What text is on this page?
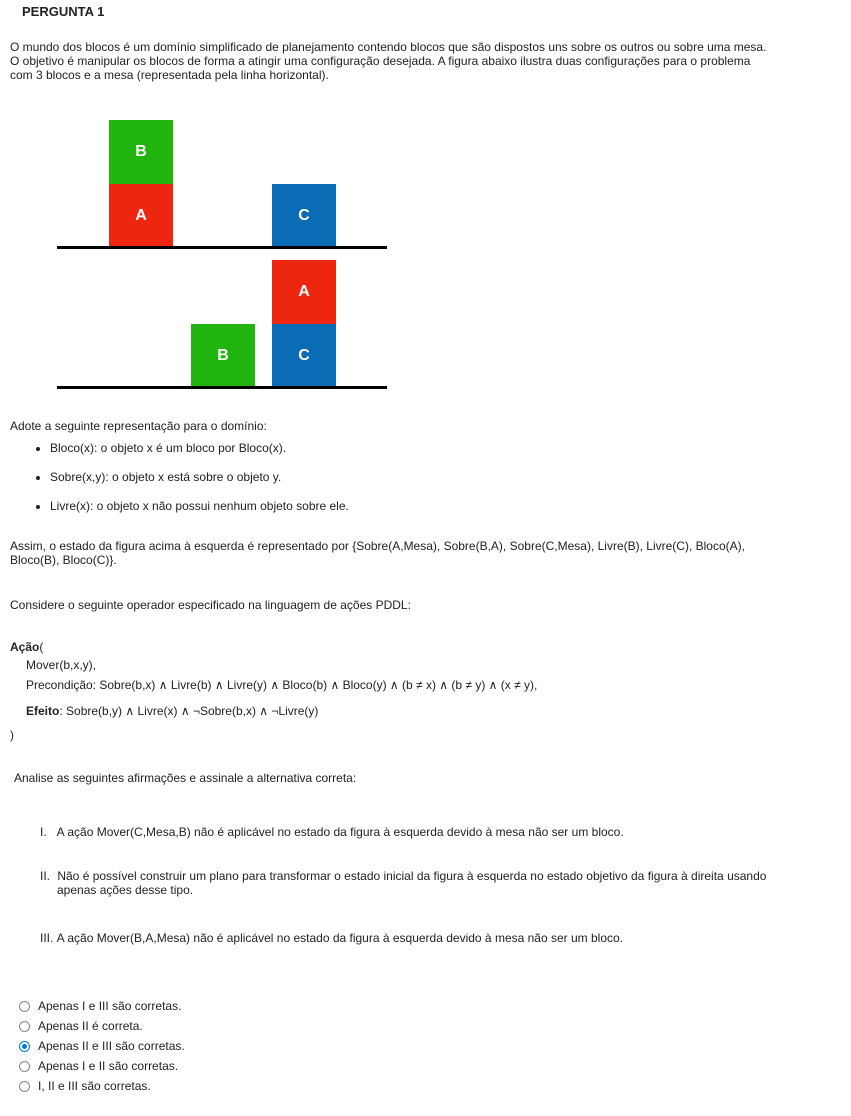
PERGUNTA 1
O mundo dos blocos é um domínio simplificado de planejamento contendo blocos que são dispostos uns sobre os outros ou sobre uma mesa.
O objetivo é manipular os blocos de forma a atingir uma configuração desejada. A figura abaixo ilustra duas configurações para o problema
com 3 blocos e a mesa (representada pela linha horizontal).
B
A	C
A
B	C
Adote a seguinte representação para o domínio:
• Bloco(x): o objeto x é um bloco por Bloco(x).
• Sobre(x,y): o objeto x está sobre o objeto y.
• Livre(x): o objeto x não possui nenhum objeto sobre ele.
Assim, o estado da figura acima à esquerda é representado por {Sobre(A,Mesa), Sobre(B,A), Sobre(C,Mesa), Livre(B), Livre(C), Bloco(A),
Bloco(B), Bloco(C)}.
Considere o seguinte operador especificado na linguagem de ações PDDL:
Ação(
Mover(b,x,y),
Precondição: Sobre(b,x) ∧ Livre(b) ∧ Livre(y) ∧ Bloco(b) ∧ Bloco(y) ∧ (b ≠ x) ∧ (b ≠ y) ∧ (x ≠ y),
Efeito: Sobre(b,y) ∧ Livre(x) ∧ ¬Sobre(b,x) ∧ ¬Livre(y)
)
Analise as seguintes afirmações e assinale a alternativa correta:
I. A ação Mover(C,Mesa,B) não é aplicável no estado da figura à esquerda devido à mesa não ser um bloco.
II. Não é possível construir um plano para transformar o estado inicial da figura à esquerda no estado objetivo da figura à direita usando
apenas ações desse tipo.
III. A ação Mover(B,A,Mesa) não é aplicável no estado da figura à esquerda devido à mesa não ser um bloco.
Apenas I e III são corretas.
Apenas II é correta.
Apenas II e III são corretas.
Apenas I e II são corretas.
I, II e III são corretas.
